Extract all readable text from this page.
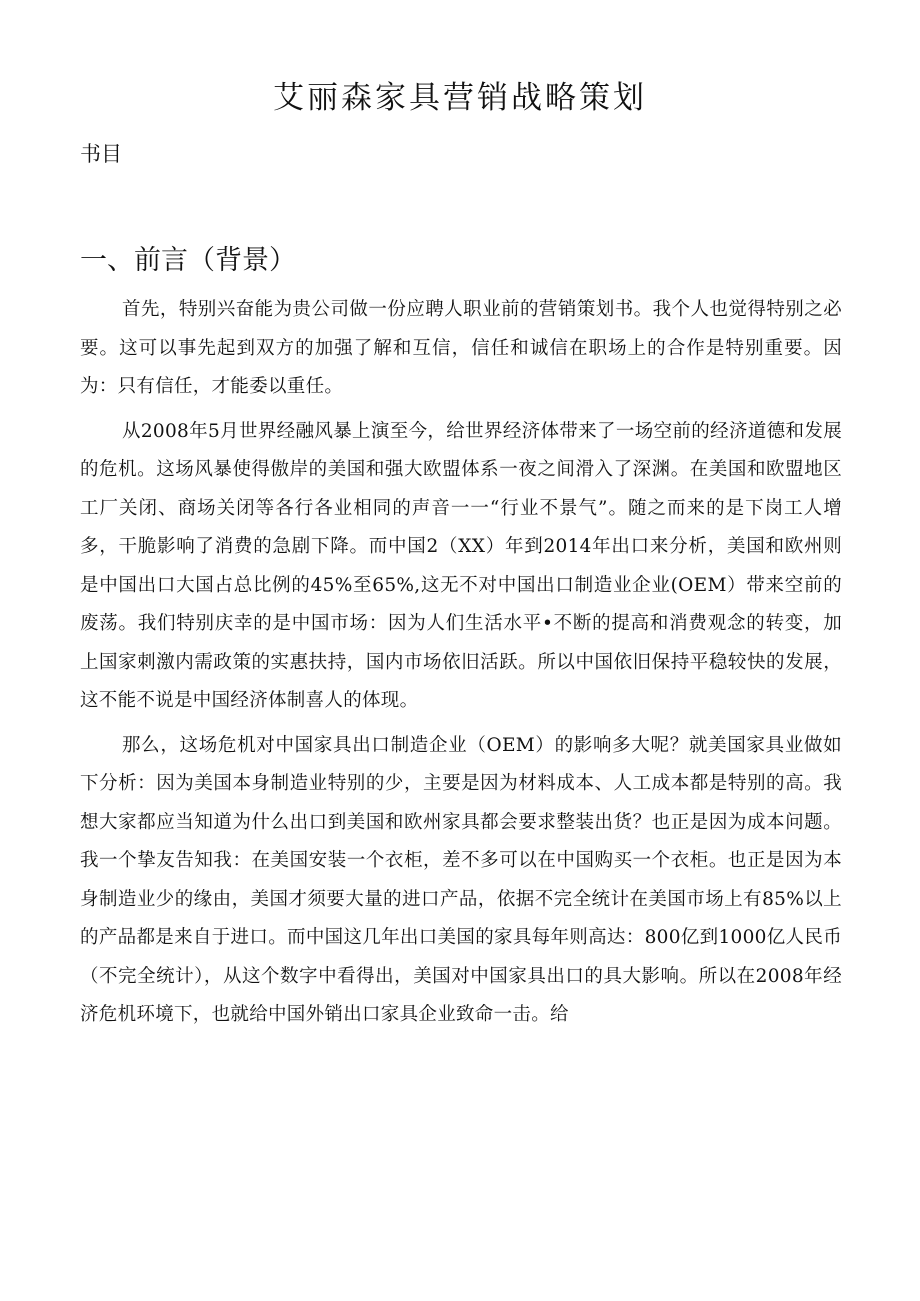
艾丽森家具营销战略策划

书目

一、前言（背景）

首先，特别兴奋能为贵公司做一份应聘人职业前的营销策划书。我个人也觉得特别之必要。这可以事先起到双方的加强了解和互信，信任和诚信在职场上的合作是特别重要。因为：只有信任，才能委以重任。

从2008年5月世界经融风暴上演至今，给世界经济体带来了一场空前的经济道德和发展的危机。这场风暴使得傲岸的美国和强大欧盟体系一夜之间滑入了深渊。在美国和欧盟地区工厂关闭、商场关闭等各行各业相同的声音一一“行业不景气”。随之而来的是下岗工人增多，干脆影响了消费的急剧下降。而中国2（XX）年到2014年出口来分析，美国和欧州则是中国出口大国占总比例的45%至65%,这无不对中国出口制造业企业(OEM）带来空前的废荡。我们特别庆幸的是中国市场：因为人们生活水平•不断的提高和消费观念的转变，加上国家刺激内需政策的实惠扶持，国内市场依旧活跃。所以中国依旧保持平稳较快的发展，这不能不说是中国经济体制喜人的体现。

那么，这场危机对中国家具出口制造企业（OEM）的影响多大呢？就美国家具业做如下分析：因为美国本身制造业特别的少，主要是因为材料成本、人工成本都是特别的高。我想大家都应当知道为什么出口到美国和欧州家具都会要求整装出货？也正是因为成本问题。我一个挚友告知我：在美国安装一个衣柜，差不多可以在中国购买一个衣柜。也正是因为本身制造业少的缘由，美国才须要大量的进口产品，依据不完全统计在美国市场上有85%以上的产品都是来自于进口。而中国这几年出口美国的家具每年则高达：800亿到1000亿人民币（不完全统计），从这个数字中看得出，美国对中国家具出口的具大影响。所以在2008年经济危机环境下，也就给中国外销出口家具企业致命一击。给
